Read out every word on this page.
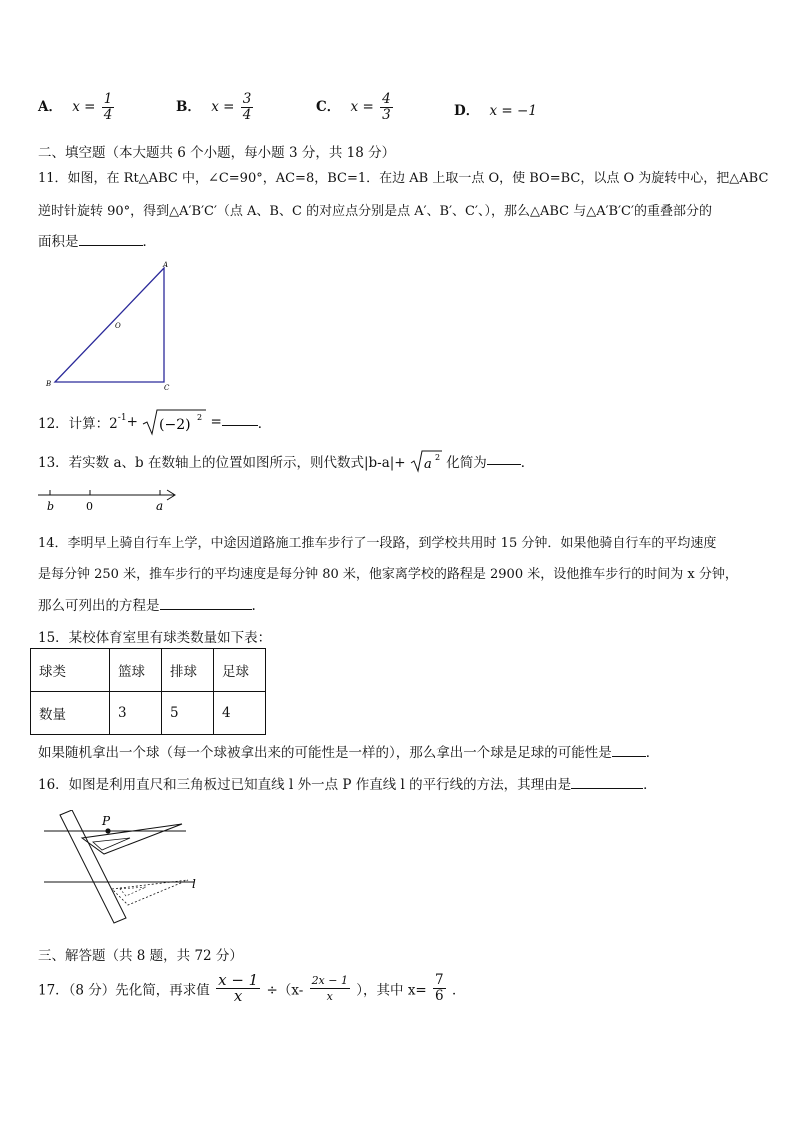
A． $x = \frac{1}{4}$	B． $x = \frac{3}{4}$	C． $x = \frac{4}{3}$	D． x = −1
二、填空题（本大题共 6 个小题，每小题 3 分，共 18 分）
11．如图，在 Rt△ABC 中，∠C=90°，AC=8，BC=1．在边 AB 上取一点 O，使 BO=BC，以点 O 为旋转中心，把△ABC
逆时针旋转 90°，得到△A′B′C′（点 A、B、C 的对应点分别是点 A′、B′、C′、），那么△ABC 与△A′B′C′的重叠部分的
面积是	．
A
B	C
O
12．计算：$2^{-1}+ (-2) 2$ =	．
13．若实数 a、b 在数轴上的位置如图所示，则代数式|b-a|+ a 2 化简为	．
b	0	a
14．李明早上骑自行车上学，中途因道路施工推车步行了一段路，到学校共用时 15 分钟．如果他骑自行车的平均速度
是每分钟 250 米，推车步行的平均速度是每分钟 80 米，他家离学校的路程是 2900 米，设他推车步行的时间为 x 分钟，
那么可列出的方程是	.
15．某校体育室里有球类数量如下表：
球类	篮球	排球	足球
数量	3	5	4
如果随机拿出一个球（每一个球被拿出来的可能性是一样的），那么拿出一个球是足球的可能性是	．
16．如图是利用直尺和三角板过已知直线 l 外一点 P 作直线 l 的平行线的方法，其理由是	．
P
l
三、解答题（共 8 题，共 72 分）
17．（8 分）先化简，再求值 $\frac{x - 1}{x} \div(x- \frac{2x - 1}{x}$ ），其中 $x= \frac{7}{6}$ ．
